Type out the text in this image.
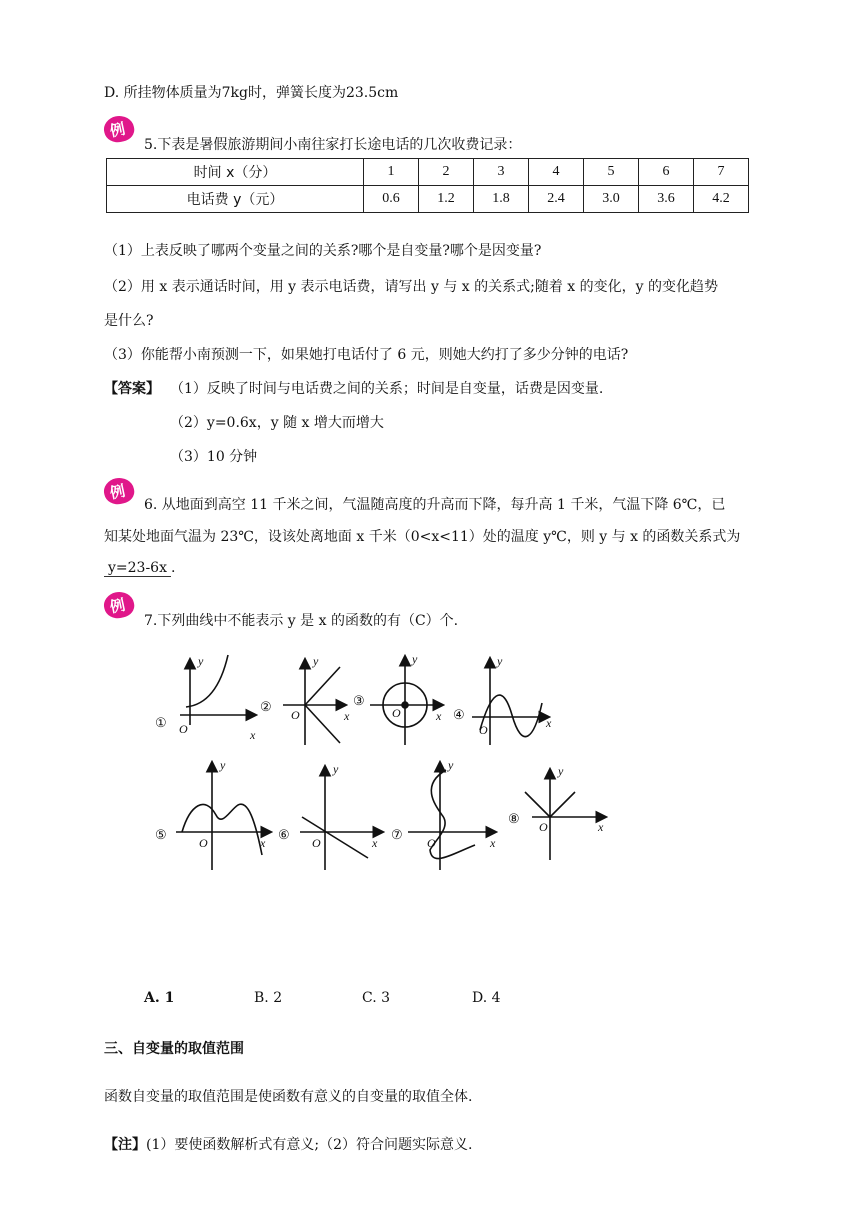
D. 所挂物体质量为7kg时，弹簧长度为23.5cm
例
5.下表是暑假旅游期间小南往家打长途电话的几次收费记录：
时间 x（分）	1	2	3	4	5	6	7
电话费 y（元）	0.6	1.2	1.8	2.4	3.0	3.6	4.2
（1）上表反映了哪两个变量之间的关系?哪个是自变量?哪个是因变量?
（2）用 x 表示通话时间，用 y 表示电话费，请写出 y 与 x 的关系式;随着 x 的变化，y 的变化趋势
是什么?
（3）你能帮小南预测一下，如果她打电话付了 6 元，则她大约打了多少分钟的电话?
【答案】 （1）反映了时间与电话费之间的关系；时间是自变量，话费是因变量.
（2）y=0.6x，y 随 x 增大而增大
（3）10 分钟
例
6. 从地面到高空 11 千米之间，气温随高度的升高而下降，每升高 1 千米，气温下降 6℃，已
知某处地面气温为 23℃，设该处离地面 x 千米（0<x<11）处的温度 y℃，则 y 与 x 的函数关系式为
y=23-6x .
例
7.下列曲线中不能表示 y 是 x 的函数的有（C）个.
①
②	③
④
⑤	⑥	⑦
⑧
y
x
O
y
x
O
y
x
O
y
x
O
y
x
O
y
x
O
y
x
O
y
x
O
A. 1	B. 2	C. 3	D. 4
三、自变量的取值范围
函数自变量的取值范围是使函数有意义的自变量的取值全体.
【注】(1）要使函数解析式有意义;（2）符合问题实际意义.
